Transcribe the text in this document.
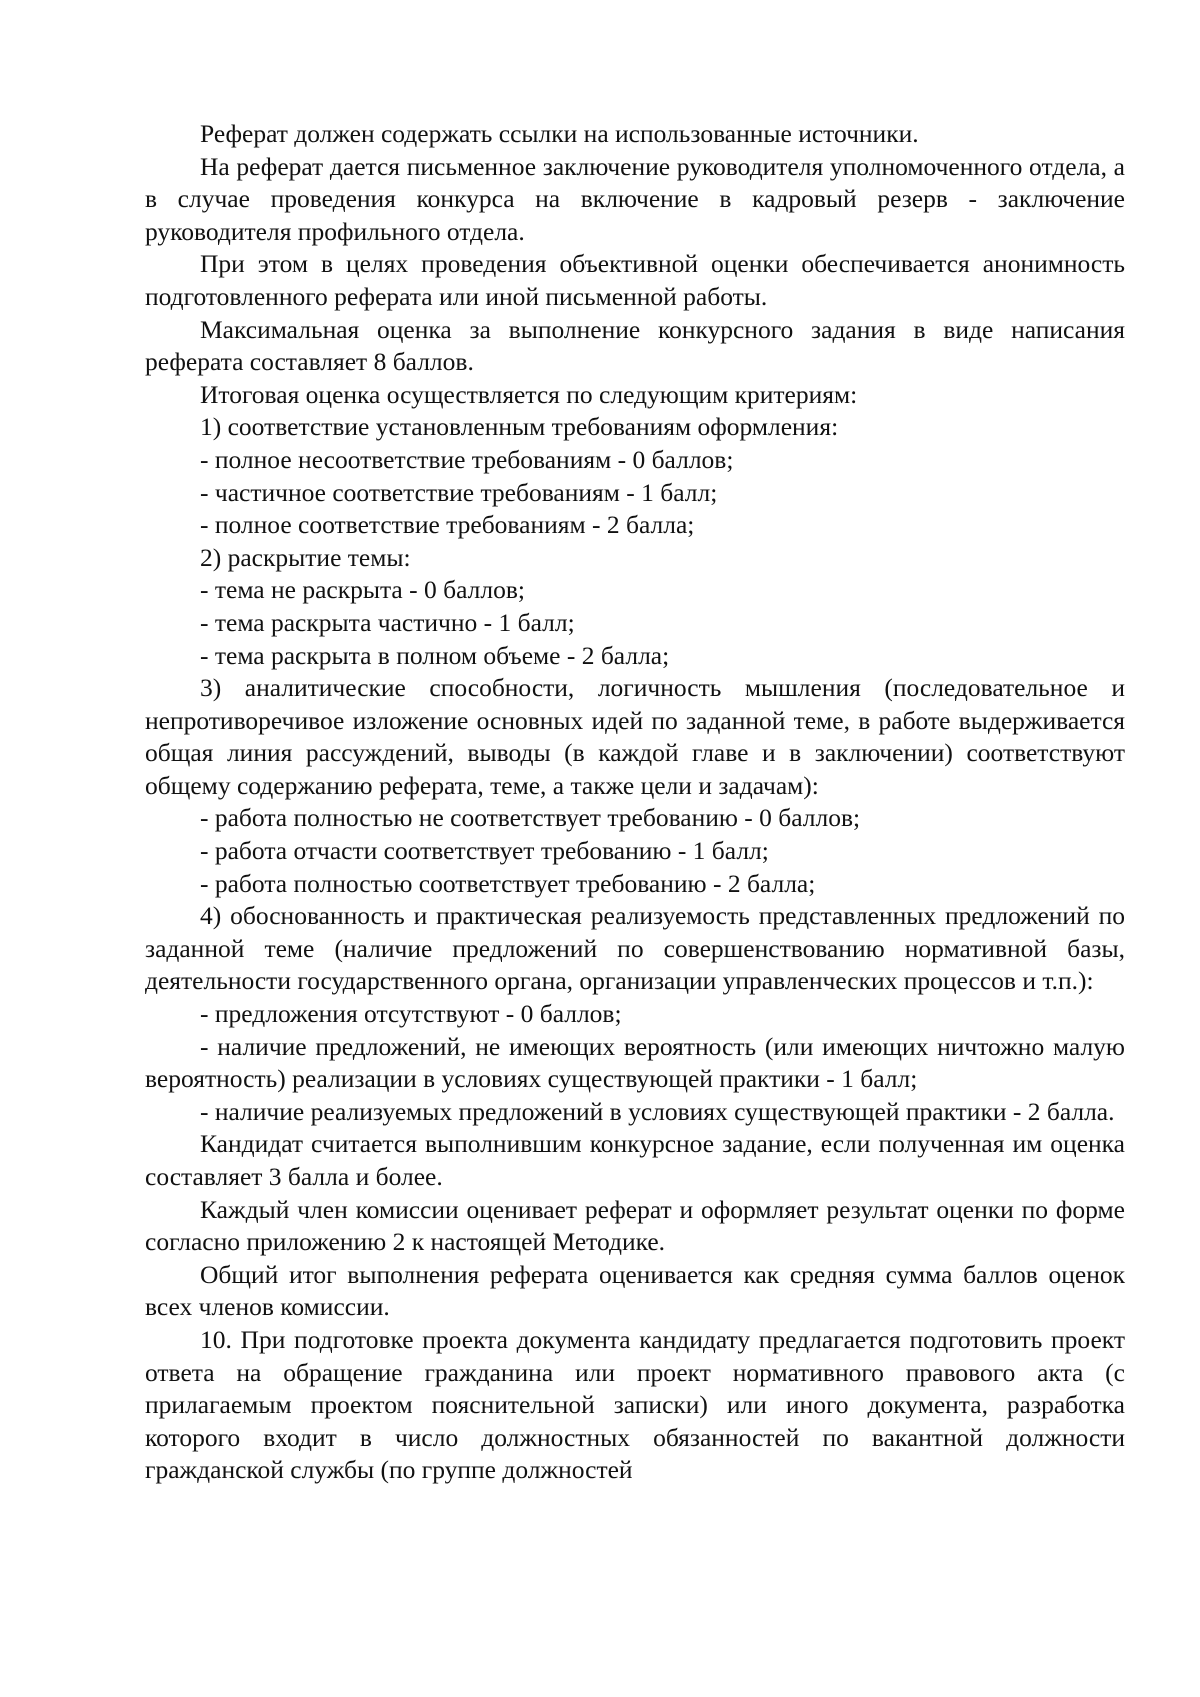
Реферат должен содержать ссылки на использованные источники.

На реферат дается письменное заключение руководителя уполномоченного отдела, а в случае проведения конкурса на включение в кадровый резерв - заключение руководителя профильного отдела.

При этом в целях проведения объективной оценки обеспечивается анонимность подготовленного реферата или иной письменной работы.

Максимальная оценка за выполнение конкурсного задания в виде написания реферата составляет 8 баллов.

Итоговая оценка осуществляется по следующим критериям:

1) соответствие установленным требованиям оформления:

- полное несоответствие требованиям - 0 баллов;

- частичное соответствие требованиям - 1 балл;

- полное соответствие требованиям - 2 балла;

2) раскрытие темы:

- тема не раскрыта - 0 баллов;

- тема раскрыта частично - 1 балл;

- тема раскрыта в полном объеме - 2 балла;

3) аналитические способности, логичность мышления (последовательное и непротиворечивое изложение основных идей по заданной теме, в работе выдерживается общая линия рассуждений, выводы (в каждой главе и в заключении) соответствуют общему содержанию реферата, теме, а также цели и задачам):

- работа полностью не соответствует требованию - 0 баллов;

- работа отчасти соответствует требованию - 1 балл;

- работа полностью соответствует требованию - 2 балла;

4) обоснованность и практическая реализуемость представленных предложений по заданной теме (наличие предложений по совершенствованию нормативной базы, деятельности государственного органа, организации управленческих процессов и т.п.):

- предложения отсутствуют - 0 баллов;

- наличие предложений, не имеющих вероятность (или имеющих ничтожно малую вероятность) реализации в условиях существующей практики - 1 балл;

- наличие реализуемых предложений в условиях существующей практики - 2 балла.

Кандидат считается выполнившим конкурсное задание, если полученная им оценка составляет 3 балла и более.

Каждый член комиссии оценивает реферат и оформляет результат оценки по форме согласно приложению 2 к настоящей Методике.

Общий итог выполнения реферата оценивается как средняя сумма баллов оценок всех членов комиссии.

10. При подготовке проекта документа кандидату предлагается подготовить проект ответа на обращение гражданина или проект нормативного правового акта (с прилагаемым проектом пояснительной записки) или иного документа, разработка которого входит в число должностных обязанностей по вакантной должности гражданской службы (по группе должностей
